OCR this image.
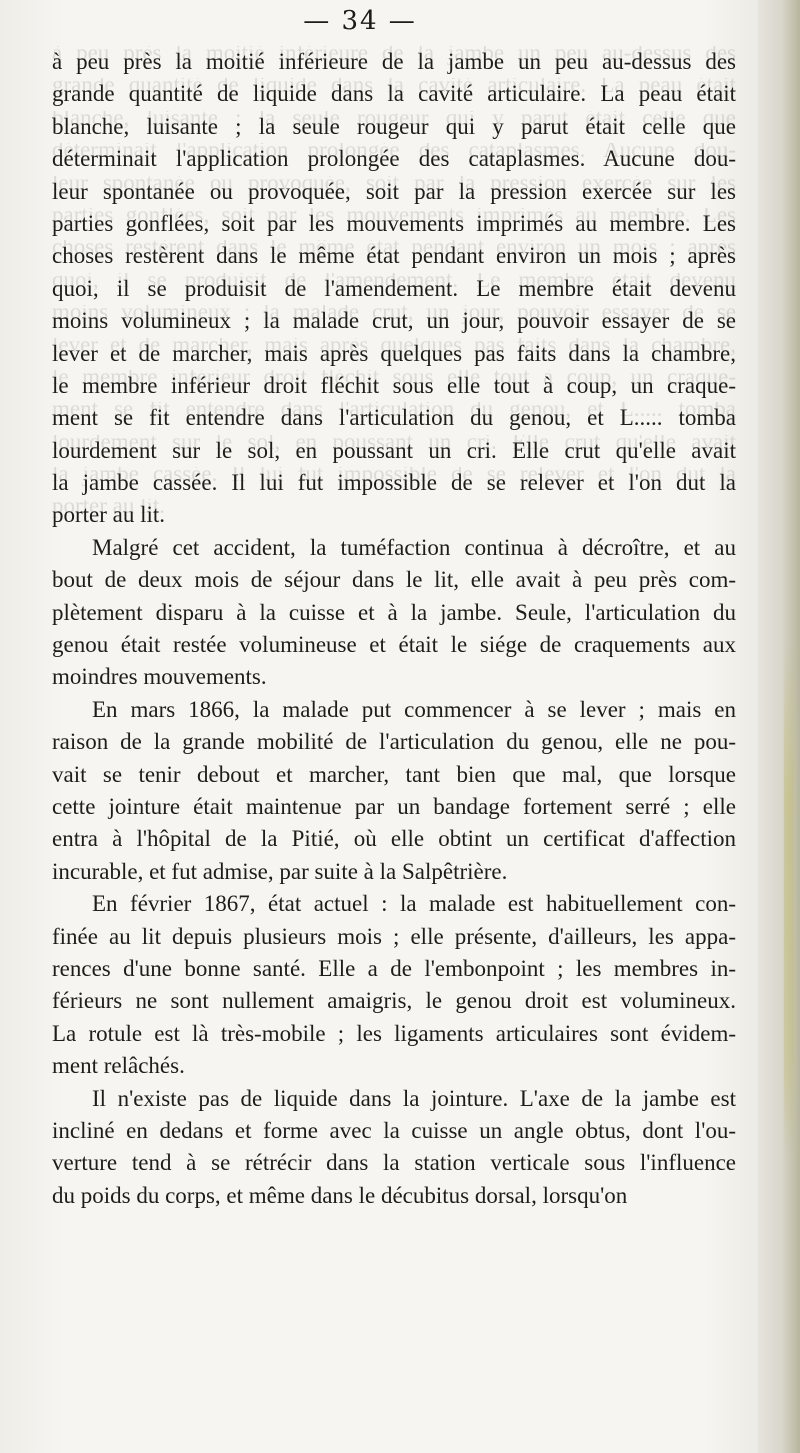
— 34 —
à peu près la moitié inférieure de la jambe un peu au-dessus des
grande quantité de liquide dans la cavité articulaire. La peau était
blanche, luisante ; la seule rougeur qui y parut était celle que
déterminait l'application prolongée des cataplasmes. Aucune dou-
leur spontanée ou provoquée, soit par la pression exercée sur les
parties gonflées, soit par les mouvements imprimés au membre. Les
choses restèrent dans le même état pendant environ un mois ; après
quoi, il se produisit de l'amendement. Le membre était devenu
moins volumineux ; la malade crut, un jour, pouvoir essayer de se
lever et de marcher, mais après quelques pas faits dans la chambre,
le membre inférieur droit fléchit sous elle tout à coup, un craque-
ment se fit entendre dans l'articulation du genou, et L..... tomba
lourdement sur le sol, en poussant un cri. Elle crut qu'elle avait
la jambe cassée. Il lui fut impossible de se relever et l'on dut la
porter au lit.
Malgré cet accident, la tuméfaction continua à décroître, et au
bout de deux mois de séjour dans le lit, elle avait à peu près com-
plètement disparu à la cuisse et à la jambe. Seule, l'articulation du
genou était restée volumineuse et était le siége de craquements aux
moindres mouvements.
En mars 1866, la malade put commencer à se lever ; mais en
raison de la grande mobilité de l'articulation du genou, elle ne pou-
vait se tenir debout et marcher, tant bien que mal, que lorsque
cette jointure était maintenue par un bandage fortement serré ; elle
entra à l'hôpital de la Pitié, où elle obtint un certificat d'affection
incurable, et fut admise, par suite à la Salpêtrière.
En février 1867, état actuel : la malade est habituellement con-
finée au lit depuis plusieurs mois ; elle présente, d'ailleurs, les appa-
rences d'une bonne santé. Elle a de l'embonpoint ; les membres in-
férieurs ne sont nullement amaigris, le genou droit est volumineux.
La rotule est là très-mobile ; les ligaments articulaires sont évidem-
ment relâchés.
Il n'existe pas de liquide dans la jointure. L'axe de la jambe est
incliné en dedans et forme avec la cuisse un angle obtus, dont l'ou-
verture tend à se rétrécir dans la station verticale sous l'influence
du poids du corps, et même dans le décubitus dorsal, lorsqu'on
